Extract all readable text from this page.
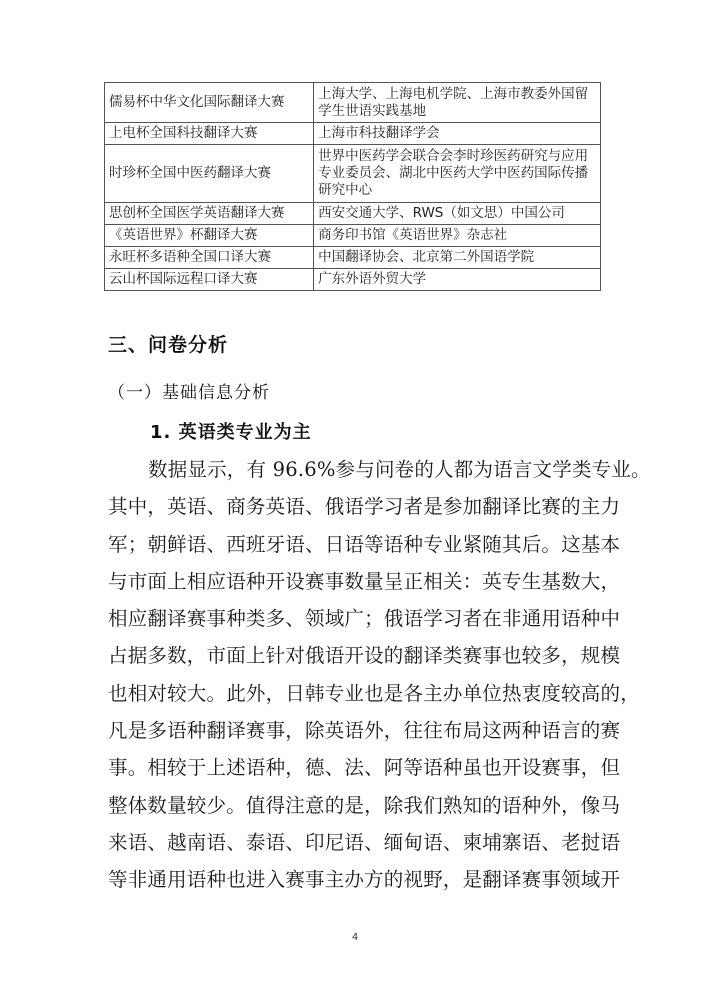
儒易杯中华文化国际翻译大赛	上海大学、上海电机学院、上海市教委外国留学生世语实践基地
上电杯全国科技翻译大赛	上海市科技翻译学会
时珍杯全国中医药翻译大赛	世界中医药学会联合会李时珍医药研究与应用专业委员会、湖北中医药大学中医药国际传播研究中心
思创杯全国医学英语翻译大赛	西安交通大学、RWS（如文思）中国公司
《英语世界》杯翻译大赛	商务印书馆《英语世界》杂志社
永旺杯多语种全国口译大赛	中国翻译协会、北京第二外国语学院
云山杯国际远程口译大赛	广东外语外贸大学
三、问卷分析
（一）基础信息分析
1. 英语类专业为主
数据显示，有 96.6%参与问卷的人都为语言文学类专业。
其中，英语、商务英语、俄语学习者是参加翻译比赛的主力
军；朝鲜语、西班牙语、日语等语种专业紧随其后。这基本
与市面上相应语种开设赛事数量呈正相关：英专生基数大，
相应翻译赛事种类多、领域广；俄语学习者在非通用语种中
占据多数，市面上针对俄语开设的翻译类赛事也较多，规模
也相对较大。此外，日韩专业也是各主办单位热衷度较高的，
凡是多语种翻译赛事，除英语外，往往布局这两种语言的赛
事。相较于上述语种，德、法、阿等语种虽也开设赛事，但
整体数量较少。值得注意的是，除我们熟知的语种外，像马
来语、越南语、泰语、印尼语、缅甸语、柬埔寨语、老挝语
等非通用语种也进入赛事主办方的视野，是翻译赛事领域开
4
